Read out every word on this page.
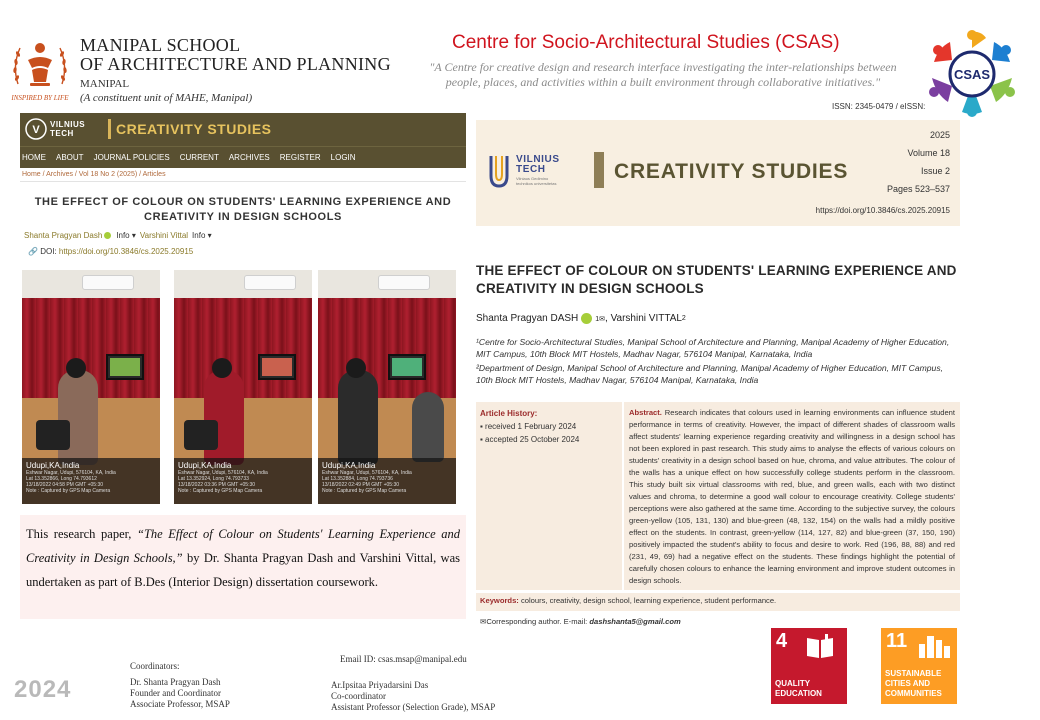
INSPIRED BY LIFE
MANIPAL SCHOOL
OF ARCHITECTURE AND PLANNING
MANIPAL
(A constituent unit of MAHE, Manipal)
Centre for Socio-Architectural Studies (CSAS)
"A Centre for creative design and research interface investigating the inter-relationships between people, places, and activities within a built environment through collaborative initiatives."	CSAS
V VILNIUS
TECH	CREATIVITY STUDIES
HOME ABOUT JOURNAL POLICIES CURRENT ARCHIVES REGISTER LOGIN
Home / Archives / Vol 18 No 2 (2025) / Articles
THE EFFECT OF COLOUR ON STUDENTS' LEARNING EXPERIENCE AND CREATIVITY IN DESIGN SCHOOLS
Shanta Pragyan Dash Info ▾ Varshini Vittal Info ▾
🔗 DOI: https://doi.org/10.3846/cs.2025.20915
Udupi,KA,India
Eshwar Nagar, Udupi, 576104, KA, India
Lat 13.352866, Long 74.793612
13/18/2022 04:58 PM GMT +05:30
Note : Captured by GPS Map Camera
Udupi,KA,India
Eshwar Nagar, Udupi, 576104, KA, India
Lat 13.352924, Long 74.793733
13/18/2022 03:36 PM GMT +05:30
Note : Captured by GPS Map Camera
Udupi,KA,India
Eshwar Nagar, Udupi, 576104, KA, India
Lat 13.352884, Long 74.793736
13/18/2022 02:49 PM GMT +05:30
Note : Captured by GPS Map Camera
This research paper, “The Effect of Colour on Students' Learning Experience and Creativity in Design Schools,” by Dr. Shanta Pragyan Dash and Varshini Vittal, was undertaken as part of B.Des (Interior Design) dissertation coursework.
ISSN: 2345-0479 / eISSN:
VILNIUS
TECH
Vilniaus Gedimino
technikos universitetas
CREATIVITY STUDIES
2025
Volume 18
Issue 2
Pages 523–537
https://doi.org/10.3846/cs.2025.20915
THE EFFECT OF COLOUR ON STUDENTS' LEARNING EXPERIENCE AND CREATIVITY IN DESIGN SCHOOLS
Shanta Pragyan DASH 1✉ , Varshini VITTAL 2
¹Centre for Socio-Architectural Studies, Manipal School of Architecture and Planning, Manipal Academy of Higher Education, MIT Campus, 10th Block MIT Hostels, Madhav Nagar, 576104 Manipal, Karnataka, India
²Department of Design, Manipal School of Architecture and Planning, Manipal Academy of Higher Education, MIT Campus, 10th Block MIT Hostels, Madhav Nagar, 576104 Manipal, Karnataka, India
Article History:
▪ received 1 February 2024
▪ accepted 25 October 2024
Abstract. Research indicates that colours used in learning environments can influence student performance in terms of creativity. However, the impact of different shades of classroom walls affect students' learning experience regarding creativity and willingness in a design school has not been explored in past research. This study aims to analyse the effects of various colours on students' creativity in a design school based on hue, chroma, and value attributes. The colour of the walls has a unique effect on how successfully college students perform in the classroom. This study built six virtual classrooms with red, blue, and green walls, each with two distinct values and chroma, to determine a good wall colour to encourage creativity. College students' perceptions were also gathered at the same time. According to the subjective survey, the colours green-yellow (105, 131, 130) and blue-green (48, 132, 154) on the walls had a mildly positive effect on the students. In contrast, green-yellow (114, 127, 82) and blue-green (37, 150, 190) positively impacted the student's ability to focus and desire to work. Red (196, 88, 88) and red (231, 49, 69) had a negative effect on the students. These findings highlight the potential of carefully chosen colours to enhance the learning environment and improve student outcomes in design schools.
Keywords: colours, creativity, design school, learning experience, student performance.
✉Corresponding author. E-mail: dashshanta5@gmail.com
2024
Coordinators:
Dr. Shanta Pragyan Dash
Founder and Coordinator
Associate Professor, MSAP
Email ID: csas.msap@manipal.edu
Ar.Ipsitaa Priyadarsini Das
Co-coordinator
Assistant Professor (Selection Grade), MSAP
4
QUALITY EDUCATION
11
SUSTAINABLE CITIES AND COMMUNITIES
